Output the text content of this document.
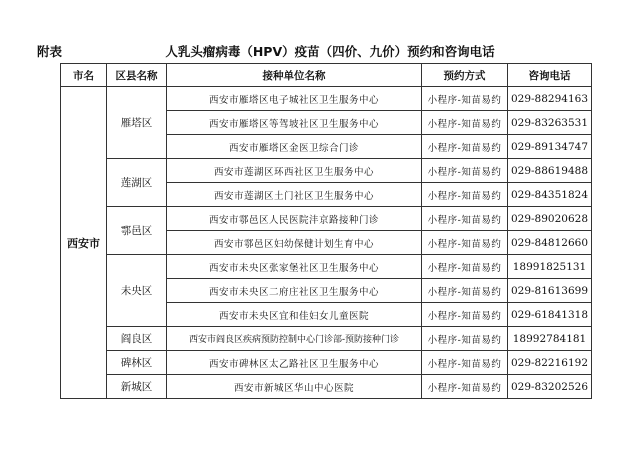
附表	人乳头瘤病毒（HPV）疫苗（四价、九价）预约和咨询电话
市名	区县名称	接种单位名称	预约方式	咨询电话
西安市	雁塔区	西安市雁塔区电子城社区卫生服务中心	小程序-知苗易约	029-88294163
		西安市雁塔区等驾坡社区卫生服务中心	小程序-知苗易约	029-83263531
		西安市雁塔区金医卫综合门诊	小程序-知苗易约	029-89134747
	莲湖区	西安市莲湖区环西社区卫生服务中心	小程序-知苗易约	029-88619488
		西安市莲湖区土门社区卫生服务中心	小程序-知苗易约	029-84351824
	鄠邑区	西安市鄠邑区人民医院沣京路接种门诊	小程序-知苗易约	029-89020628
		西安市鄠邑区妇幼保健计划生育中心	小程序-知苗易约	029-84812660
	未央区	西安市未央区张家堡社区卫生服务中心	小程序-知苗易约	18991825131
		西安市未央区二府庄社区卫生服务中心	小程序-知苗易约	029-81613699
		西安市未央区宜和佳妇女儿童医院	小程序-知苗易约	029-61841318
	阎良区	西安市阎良区疾病预防控制中心门诊部-预防接种门诊	小程序-知苗易约	18992784181
	碑林区	西安市碑林区太乙路社区卫生服务中心	小程序-知苗易约	029-82216192
	新城区	西安市新城区华山中心医院	小程序-知苗易约	029-83202526
